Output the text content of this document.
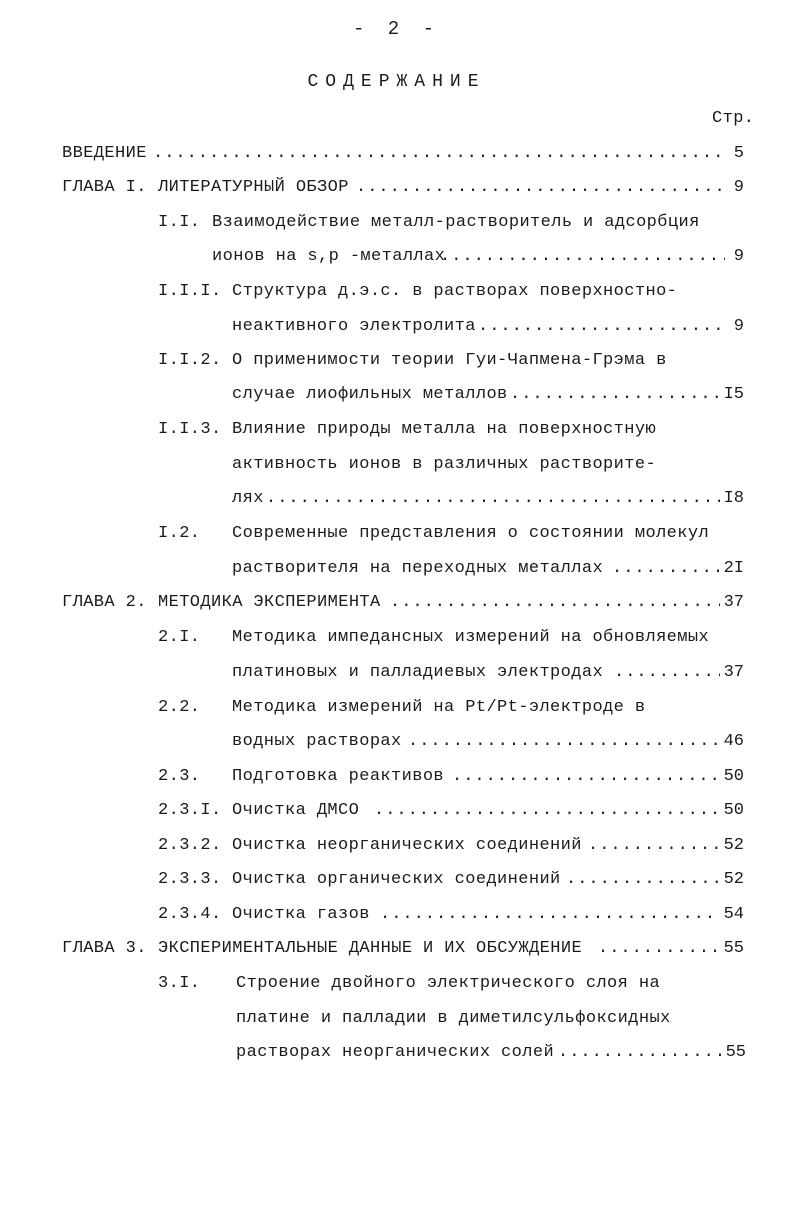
- 2 -
СОДЕРЖАНИЕ
Стр.
ВВЕДЕНИЕ .....	5
ГЛАВА I. ЛИТЕРАТУРНЫЙ ОБЗОР .....	9
I.I. Взаимодействие металл-растворитель и адсорбция
ионов на s,p -металлах .....	9
I.I.I. Структура д.э.с. в растворах поверхностно-
неактивного электролита .....	9
I.I.2. О применимости теории Гуи-Чапмена-Грэма в
случае лиофильных металлов .....	I5
I.I.3. Влияние природы металла на поверхностную
активность ионов в различных растворите-
лях .....	I8
I.2. Современные представления о состоянии молекул
растворителя на переходных металлах .....	2I
ГЛАВА 2. МЕТОДИКА ЭКСПЕРИМЕНТА .....	37
2.I. Методика импедансных измерений на обновляемых
платиновых и палладиевых электродах .....	37
2.2. Методика измерений на Pt/Pt-электроде в
водных растворах .....	46
2.3. Подготовка реактивов .....	50
2.3.I. Очистка ДМСО .....	50
2.3.2. Очистка неорганических соединений .....	52
2.3.3. Очистка органических соединений .....	52
2.3.4. Очистка газов .....	54
ГЛАВА 3. ЭКСПЕРИМЕНТАЛЬНЫЕ ДАННЫЕ И ИХ ОБСУЖДЕНИЕ .....	55
3.I. Строение двойного электрического слоя на
платине и палладии в диметилсульфоксидных
растворах неорганических солей .....	55
